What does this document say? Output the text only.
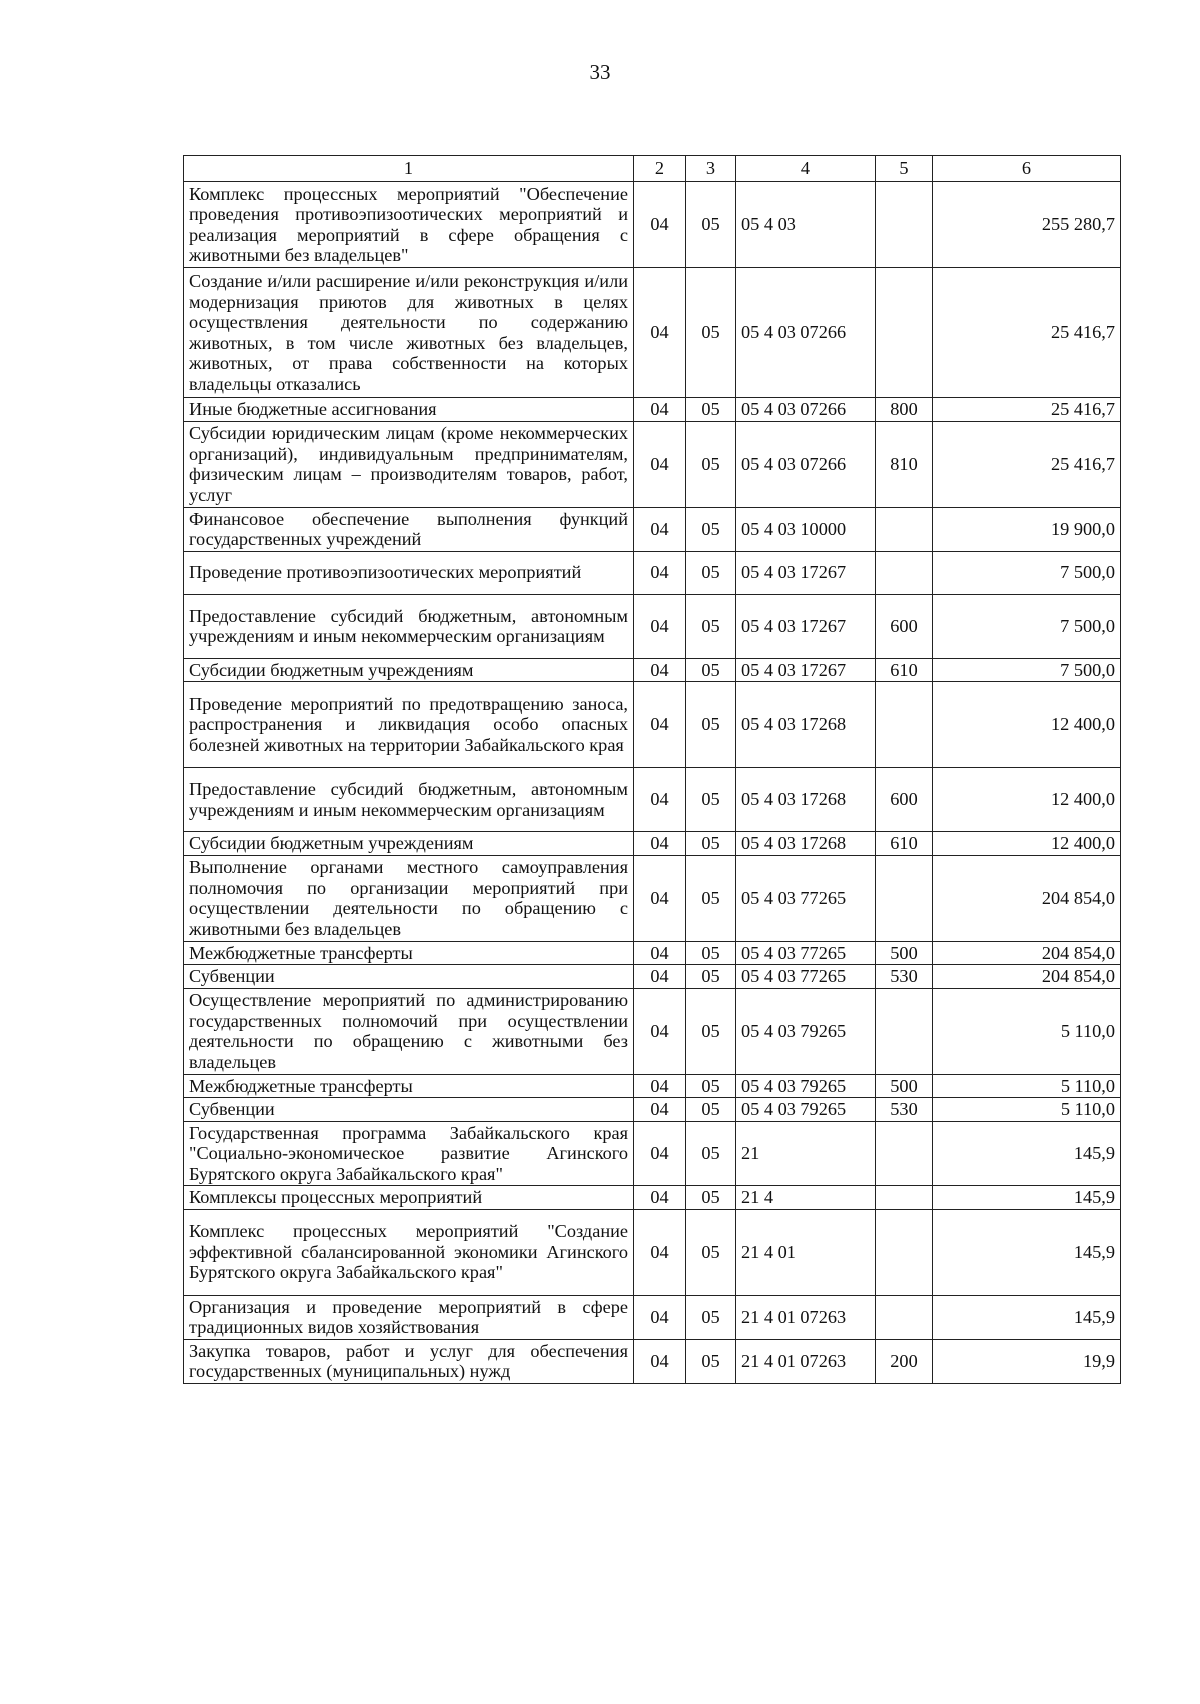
33
1	2	3	4	5	6
Комплекс процессных мероприятий "Обеспечение проведения противоэпизоотических мероприятий и реализация мероприятий в сфере обращения с животными без владельцев"	04	05	05 4 03		255 280,7
Создание и/или расширение и/или реконструкция и/или модернизация приютов для животных в целях осуществления деятельности по содержанию животных, в том числе животных без владельцев, животных, от права собственности на которых владельцы отказались	04	05	05 4 03 07266		25 416,7
Иные бюджетные ассигнования	04	05	05 4 03 07266	800	25 416,7
Субсидии юридическим лицам (кроме некоммерческих организаций), индивидуальным предпринимателям, физическим лицам – производителям товаров, работ, услуг	04	05	05 4 03 07266	810	25 416,7
Финансовое обеспечение выполнения функций государственных учреждений	04	05	05 4 03 10000		19 900,0
Проведение противоэпизоотических мероприятий	04	05	05 4 03 17267		7 500,0
Предоставление субсидий бюджетным, автономным учреждениям и иным некоммерческим организациям	04	05	05 4 03 17267	600	7 500,0
Субсидии бюджетным учреждениям	04	05	05 4 03 17267	610	7 500,0
Проведение мероприятий по предотвращению заноса, распространения и ликвидация особо опасных болезней животных на территории Забайкальского края	04	05	05 4 03 17268		12 400,0
Предоставление субсидий бюджетным, автономным учреждениям и иным некоммерческим организациям	04	05	05 4 03 17268	600	12 400,0
Субсидии бюджетным учреждениям	04	05	05 4 03 17268	610	12 400,0
Выполнение органами местного самоуправления полномочия по организации мероприятий при осуществлении деятельности по обращению с животными без владельцев	04	05	05 4 03 77265		204 854,0
Межбюджетные трансферты	04	05	05 4 03 77265	500	204 854,0
Субвенции	04	05	05 4 03 77265	530	204 854,0
Осуществление мероприятий по администрированию государственных полномочий при осуществлении деятельности по обращению с животными без владельцев	04	05	05 4 03 79265		5 110,0
Межбюджетные трансферты	04	05	05 4 03 79265	500	5 110,0
Субвенции	04	05	05 4 03 79265	530	5 110,0
Государственная программа Забайкальского края "Социально-экономическое развитие Агинского Бурятского округа Забайкальского края"	04	05	21		145,9
Комплексы процессных мероприятий	04	05	21 4		145,9
Комплекс процессных мероприятий "Создание эффективной сбалансированной экономики Агинского Бурятского округа Забайкальского края"	04	05	21 4 01		145,9
Организация и проведение мероприятий в сфере традиционных видов хозяйствования	04	05	21 4 01 07263		145,9
Закупка товаров, работ и услуг для обеспечения государственных (муниципальных) нужд	04	05	21 4 01 07263	200	19,9
